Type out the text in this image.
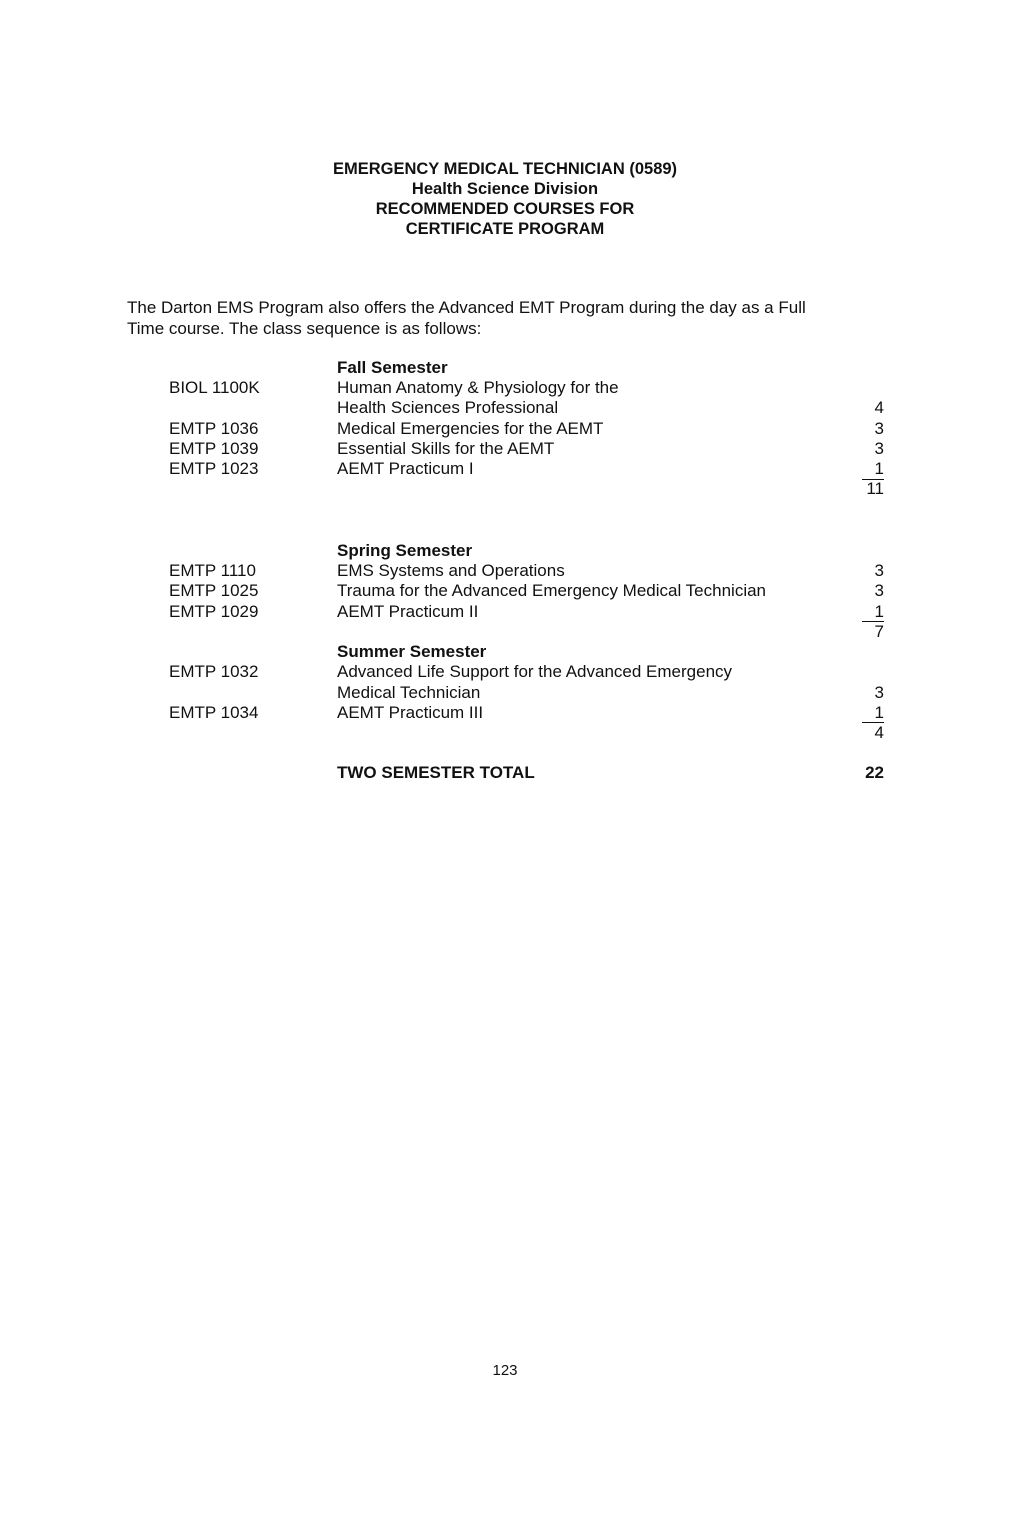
EMERGENCY MEDICAL TECHNICIAN (0589)
Health Science Division
RECOMMENDED COURSES FOR
CERTIFICATE PROGRAM
The Darton EMS Program also offers the Advanced EMT Program during the day as a Full
Time course. The class sequence is as follows:
Fall Semester
BIOL 1100K	Human Anatomy & Physiology for the
Health Sciences Professional	4
EMTP 1036	Medical Emergencies for the AEMT	3
EMTP 1039	Essential Skills for the AEMT	3
EMTP 1023	AEMT Practicum I	1
11
Spring Semester
EMTP 1110	EMS Systems and Operations	3
EMTP 1025	Trauma for the Advanced Emergency Medical Technician	3
EMTP 1029	AEMT Practicum II	1
7
Summer Semester
EMTP 1032	Advanced Life Support for the Advanced Emergency
Medical Technician	3
EMTP 1034	AEMT Practicum III	1
4
TWO SEMESTER TOTAL	22
123
